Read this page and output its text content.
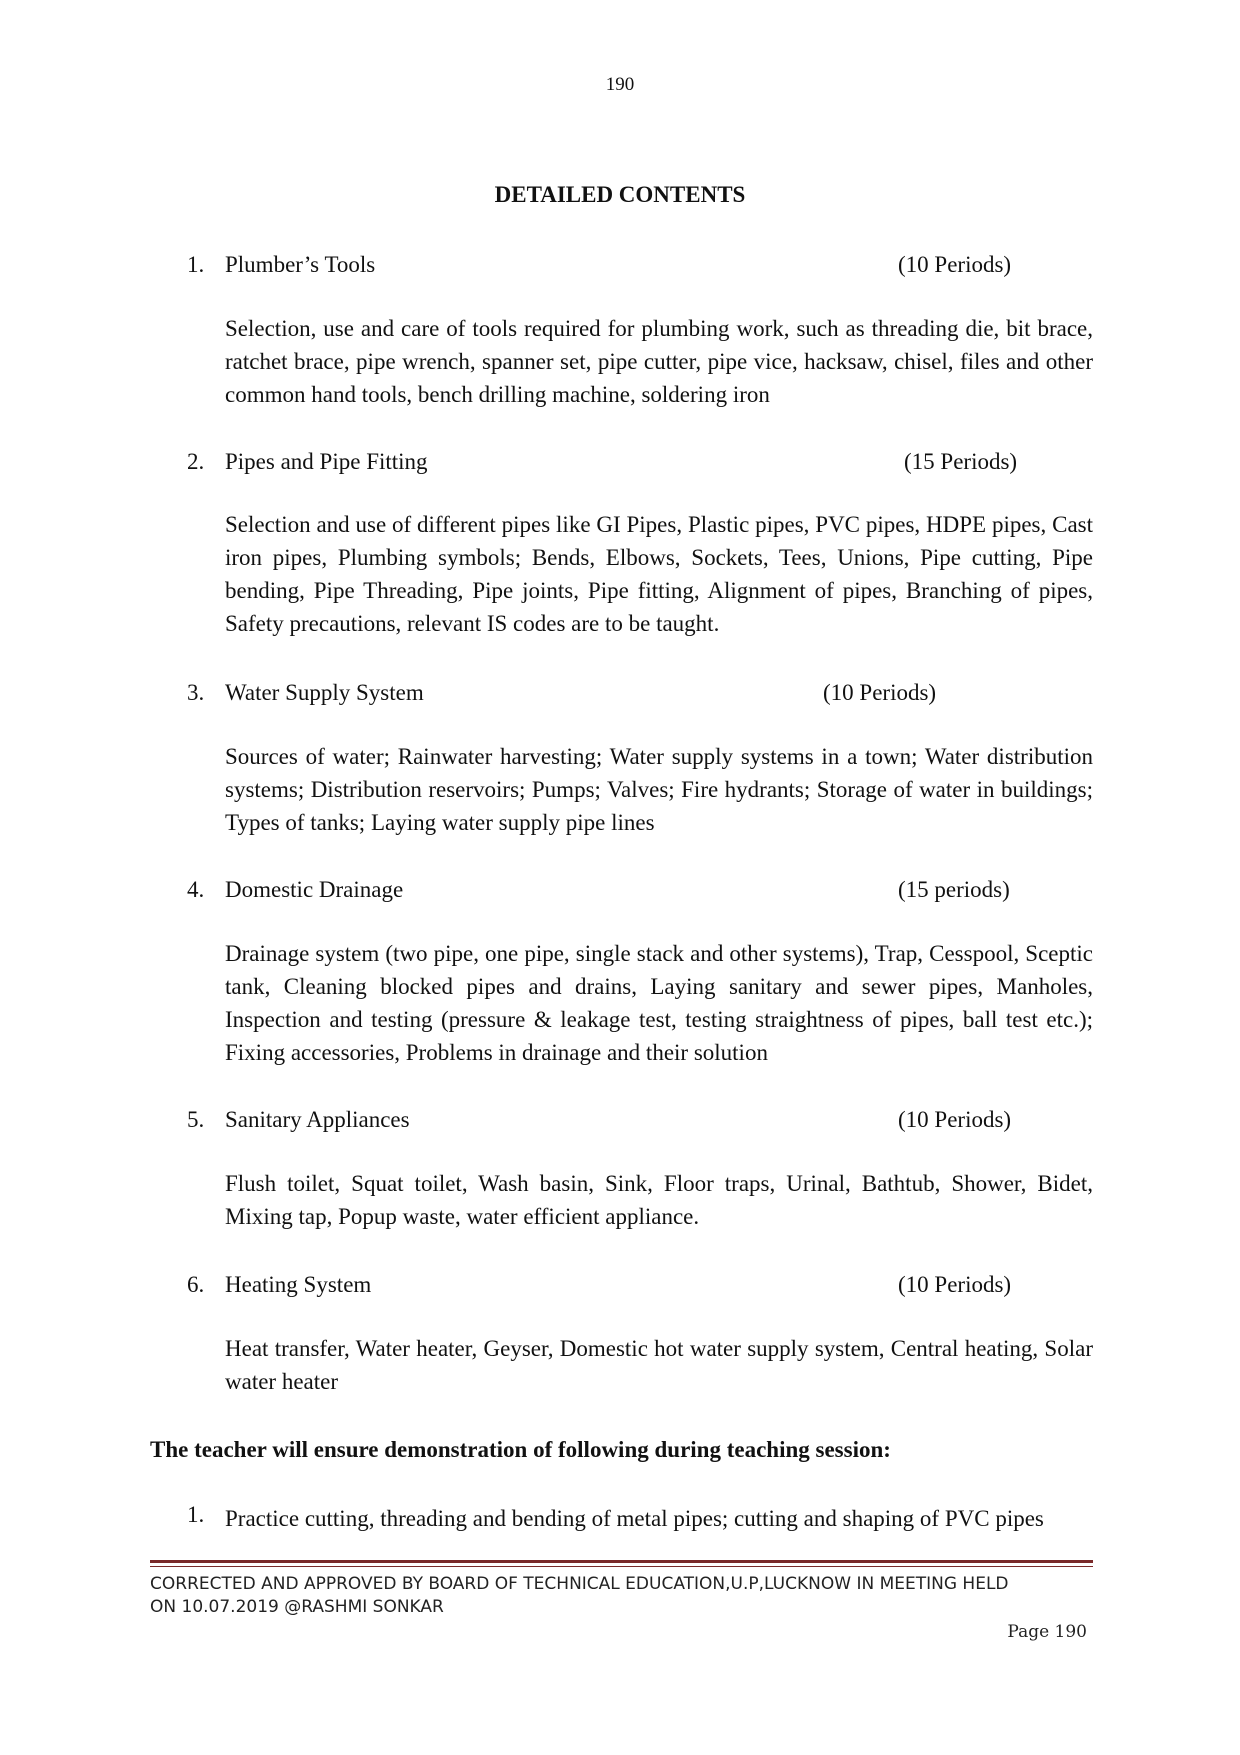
190
DETAILED CONTENTS
1. Plumber’s Tools	(10 Periods)
Selection, use and care of tools required for plumbing work, such as threading die, bit brace, ratchet brace, pipe wrench, spanner set, pipe cutter, pipe vice, hacksaw, chisel, files and other common hand tools, bench drilling machine, soldering iron
2. Pipes and Pipe Fitting	(15 Periods)
Selection and use of different pipes like GI Pipes, Plastic pipes, PVC pipes, HDPE pipes, Cast iron pipes, Plumbing symbols; Bends, Elbows, Sockets, Tees, Unions, Pipe cutting, Pipe bending, Pipe Threading, Pipe joints, Pipe fitting, Alignment of pipes, Branching of pipes, Safety precautions, relevant IS codes are to be taught.
3. Water Supply System	(10 Periods)
Sources of water; Rainwater harvesting; Water supply systems in a town; Water distribution systems; Distribution reservoirs; Pumps; Valves; Fire hydrants; Storage of water in buildings; Types of tanks; Laying water supply pipe lines
4. Domestic Drainage	(15 periods)
Drainage system (two pipe, one pipe, single stack and other systems), Trap, Cesspool, Sceptic tank, Cleaning blocked pipes and drains, Laying sanitary and sewer pipes, Manholes, Inspection and testing (pressure & leakage test, testing straightness of pipes, ball test etc.); Fixing accessories, Problems in drainage and their solution
5. Sanitary Appliances	(10 Periods)
Flush toilet, Squat toilet, Wash basin, Sink, Floor traps, Urinal, Bathtub, Shower, Bidet, Mixing tap, Popup waste, water efficient appliance.
6. Heating System	(10 Periods)
Heat transfer, Water heater, Geyser, Domestic hot water supply system, Central heating, Solar water heater
The teacher will ensure demonstration of following during teaching session:
1. Practice cutting, threading and bending of metal pipes; cutting and shaping of PVC pipes
CORRECTED AND APPROVED BY BOARD OF TECHNICAL EDUCATION,U.P,LUCKNOW IN MEETING HELD
ON 10.07.2019 @RASHMI SONKAR
Page 190
